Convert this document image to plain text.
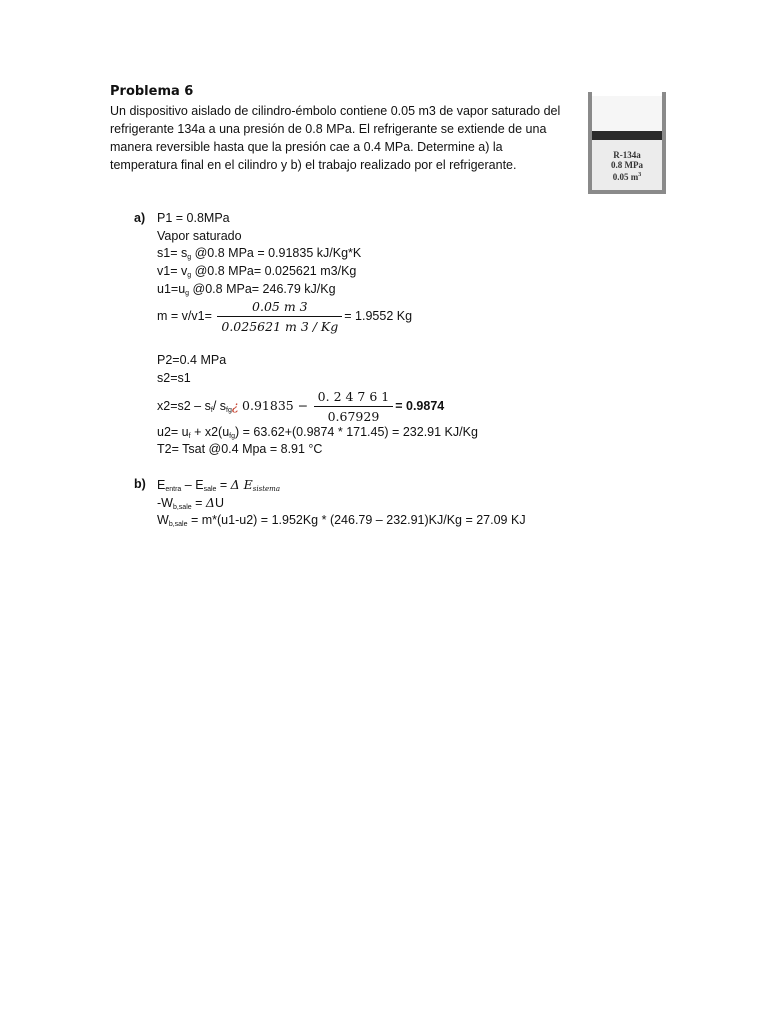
Problema 6
Un dispositivo aislado de cilindro-émbolo contiene 0.05 m3 de vapor saturado del refrigerante 134a a una presión de 0.8 MPa. El refrigerante se extiende de una manera reversible hasta que la presión cae a 0.4 MPa. Determine a) la temperatura final en el cilindro y b) el trabajo realizado por el refrigerante.
R-134a
0.8 MPa
0.05 $m^3$
a) P1 = 0.8MPa
Vapor saturado
$s1= s_g$ @0.8 MPa = 0.91835 kJ/Kg*K
$v1= v_g$ @0.8 MPa= 0.025621 m3/Kg
$u1=u_g$ @0.8 MPa= 246.79 kJ/Kg
$m = v/v1= \frac{0.05 m 3}{0.025621 m 3 / Kg} = 1.9552$ Kg
P2=0.4 MPa
s2=s1
$x2=s2 - s_f/$ $s_{fg}¿$ $0.91835 - \frac{0. 2 4 7 6 1}{0.67929} = 0.9874$
$u2= u_f + x2(u_{fg}) = 63.62+(0.9874 * 171.45) = 232.91$ KJ/Kg
T2= Tsat @0.4 Mpa = 8.91 °C
b) $E_{entra} - E_{sale} = \Delta$ $E_{sistema}$
$-W_{b,sale} = \Delta U$
$W_{b,sale} = m*(u1-u2) = 1.952Kg * (246.79 - 232.91)KJ/Kg = 27.09$ KJ
